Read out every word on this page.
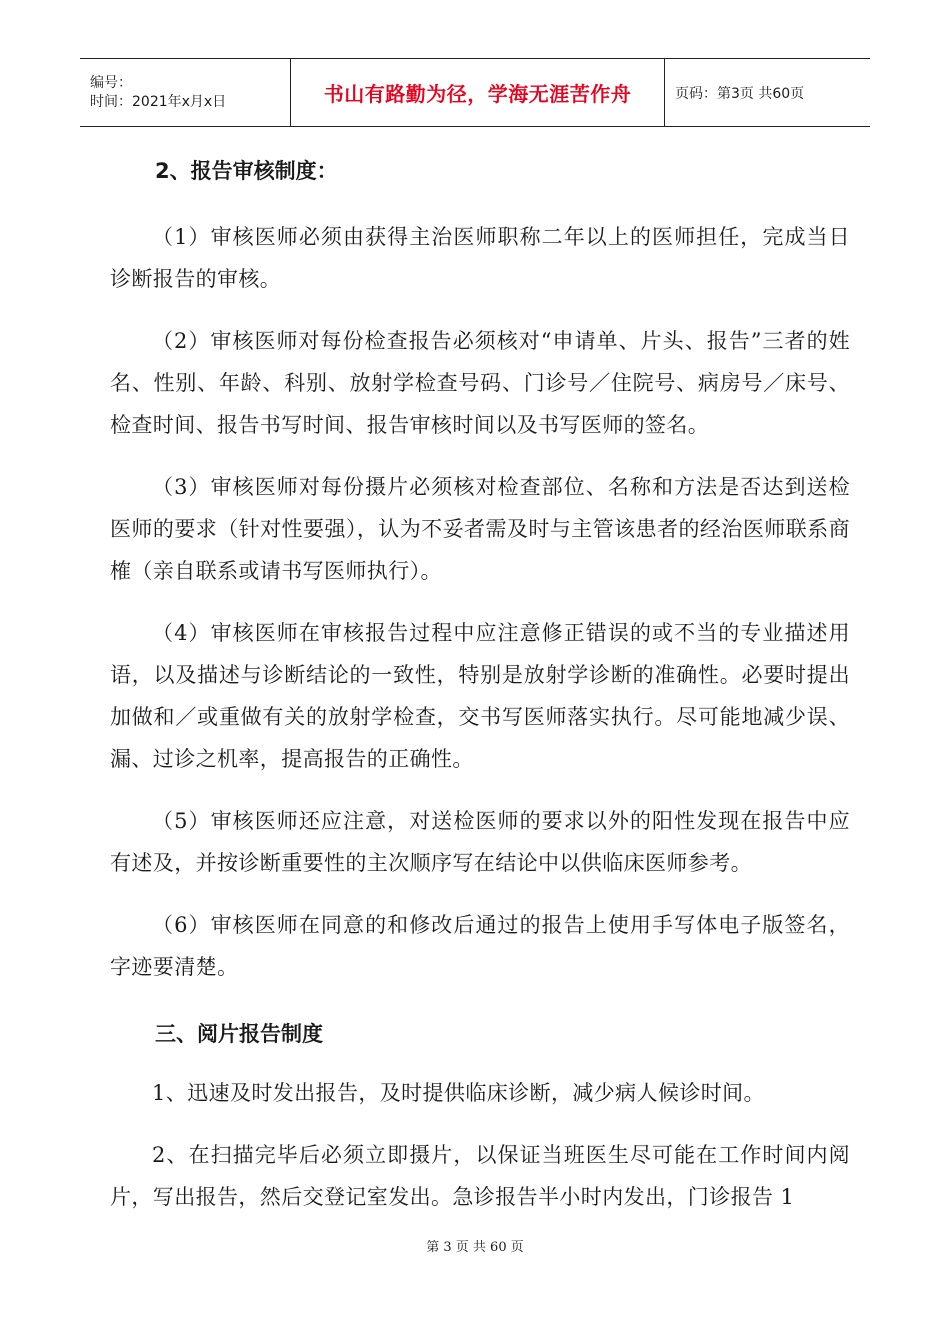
编号：
时间：2021年x月x日	书山有路勤为径，学海无涯苦作舟	页码：第3页 共60页
2、报告审核制度：

（1）审核医师必须由获得主治医师职称二年以上的医师担任，完成当日诊断报告的审核。

（2）审核医师对每份检查报告必须核对“申请单、片头、报告”三者的姓名、性别、年龄、科别、放射学检查号码、门诊号／住院号、病房号／床号、检查时间、报告书写时间、报告审核时间以及书写医师的签名。

（3）审核医师对每份摄片必须核对检查部位、名称和方法是否达到送检医师的要求（针对性要强），认为不妥者需及时与主管该患者的经治医师联系商榷（亲自联系或请书写医师执行）。

（4）审核医师在审核报告过程中应注意修正错误的或不当的专业描述用语，以及描述与诊断结论的一致性，特别是放射学诊断的准确性。必要时提出加做和／或重做有关的放射学检查，交书写医师落实执行。尽可能地减少误、漏、过诊之机率，提高报告的正确性。

（5）审核医师还应注意，对送检医师的要求以外的阳性发现在报告中应有述及，并按诊断重要性的主次顺序写在结论中以供临床医师参考。

（6）审核医师在同意的和修改后通过的报告上使用手写体电子版签名，字迹要清楚。

三、阅片报告制度

1、迅速及时发出报告，及时提供临床诊断，减少病人候诊时间。

2、在扫描完毕后必须立即摄片，以保证当班医生尽可能在工作时间内阅片，写出报告，然后交登记室发出。急诊报告半小时内发出，门诊报告 1

第 3 页 共 60 页
